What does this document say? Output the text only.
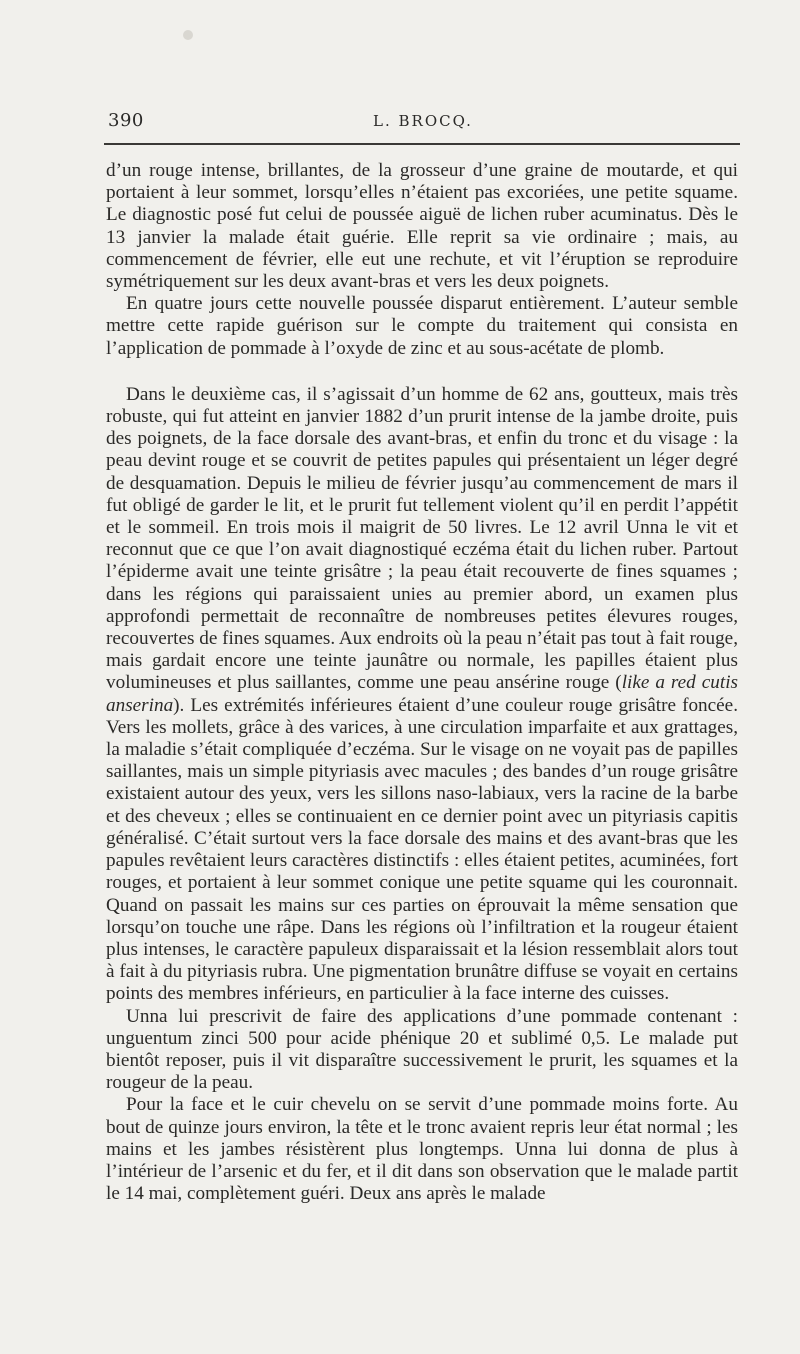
390	L. BROCQ.

d’un rouge intense, brillantes, de la grosseur d’une graine de moutarde, et qui portaient à leur sommet, lorsqu’elles n’étaient pas excoriées, une petite squame. Le diagnostic posé fut celui de poussée aiguë de lichen ruber acuminatus. Dès le 13 janvier la malade était guérie. Elle reprit sa vie ordinaire ; mais, au commencement de février, elle eut une rechute, et vit l’éruption se reproduire symétriquement sur les deux avant-bras et vers les deux poignets.

En quatre jours cette nouvelle poussée disparut entièrement. L’auteur semble mettre cette rapide guérison sur le compte du traitement qui consista en l’application de pommade à l’oxyde de zinc et au sous-acétate de plomb.

Dans le deuxième cas, il s’agissait d’un homme de 62 ans, goutteux, mais très robuste, qui fut atteint en janvier 1882 d’un prurit intense de la jambe droite, puis des poignets, de la face dorsale des avant-bras, et enfin du tronc et du visage : la peau devint rouge et se couvrit de petites papules qui présentaient un léger degré de desquamation. Depuis le milieu de février jusqu’au commencement de mars il fut obligé de garder le lit, et le prurit fut tellement violent qu’il en perdit l’appétit et le sommeil. En trois mois il maigrit de 50 livres. Le 12 avril Unna le vit et reconnut que ce que l’on avait diagnostiqué eczéma était du lichen ruber. Partout l’épiderme avait une teinte grisâtre ; la peau était recouverte de fines squames ; dans les régions qui paraissaient unies au premier abord, un examen plus approfondi permettait de reconnaître de nombreuses petites élevures rouges, recouvertes de fines squames. Aux endroits où la peau n’était pas tout à fait rouge, mais gardait encore une teinte jaunâtre ou normale, les papilles étaient plus volumineuses et plus saillantes, comme une peau ansérine rouge (like a red cutis anserina). Les extrémités inférieures étaient d’une couleur rouge grisâtre foncée. Vers les mollets, grâce à des varices, à une circulation imparfaite et aux grattages, la maladie s’était compliquée d’eczéma. Sur le visage on ne voyait pas de papilles saillantes, mais un simple pityriasis avec macules ; des bandes d’un rouge grisâtre existaient autour des yeux, vers les sillons naso-labiaux, vers la racine de la barbe et des cheveux ; elles se continuaient en ce dernier point avec un pityriasis capitis généralisé. C’était surtout vers la face dorsale des mains et des avant-bras que les papules revêtaient leurs caractères distinctifs : elles étaient petites, acuminées, fort rouges, et portaient à leur sommet conique une petite squame qui les couronnait. Quand on passait les mains sur ces parties on éprouvait la même sensation que lorsqu’on touche une râpe. Dans les régions où l’infiltration et la rougeur étaient plus intenses, le caractère papuleux disparaissait et la lésion ressemblait alors tout à fait à du pityriasis rubra. Une pigmentation brunâtre diffuse se voyait en certains points des membres inférieurs, en particulier à la face interne des cuisses.

Unna lui prescrivit de faire des applications d’une pommade contenant : unguentum zinci 500 pour acide phénique 20 et sublimé 0,5. Le malade put bientôt reposer, puis il vit disparaître successivement le prurit, les squames et la rougeur de la peau.

Pour la face et le cuir chevelu on se servit d’une pommade moins forte. Au bout de quinze jours environ, la tête et le tronc avaient repris leur état normal ; les mains et les jambes résistèrent plus longtemps. Unna lui donna de plus à l’intérieur de l’arsenic et du fer, et il dit dans son observation que le malade partit le 14 mai, complètement guéri. Deux ans après le malade
